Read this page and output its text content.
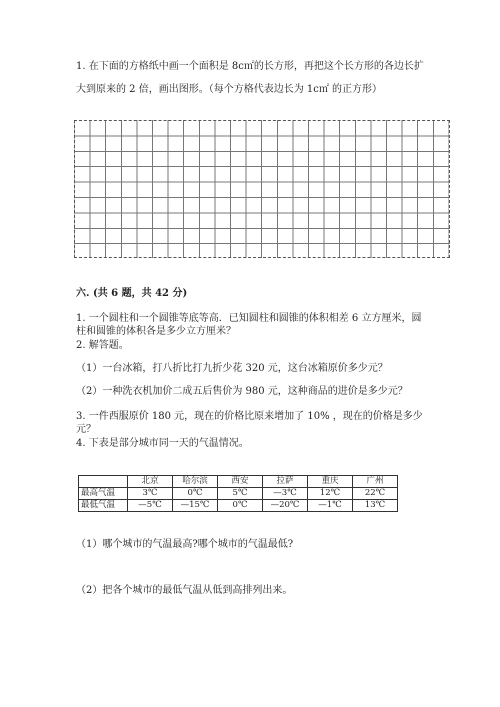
1. 在下面的方格纸中画一个面积是 8c㎡的长方形，再把这个长方形的各边长扩
大到原来的 2 倍，画出图形。（每个方格代表边长为 1c㎡ 的正方形）
六. (共 6 题，共 42 分)
1. 一个圆柱和一个圆锥等底等高．已知圆柱和圆锥的体积相差 6 立方厘米，圆
柱和圆锥的体积各是多少立方厘米？
2. 解答题。
（1）一台冰箱，打八折比打九折少花 320 元，这台冰箱原价多少元？
（2）一种洗衣机加价二成五后售价为 980 元，这种商品的进价是多少元？
3. 一件西服原价 180 元，现在的价格比原来增加了 10% ，现在的价格是多少
元？
4. 下表是部分城市同一天的气温情况。
	北京	哈尔滨	西安	拉萨	重庆	广州
最高气温	3℃	0℃	5℃	—3℃	12℃	22℃
最低气温	—5℃	—15℃	0℃	—20℃	—1℃	13℃
（1）哪个城市的气温最高?哪个城市的气温最低?
（2）把各个城市的最低气温从低到高排列出来。
